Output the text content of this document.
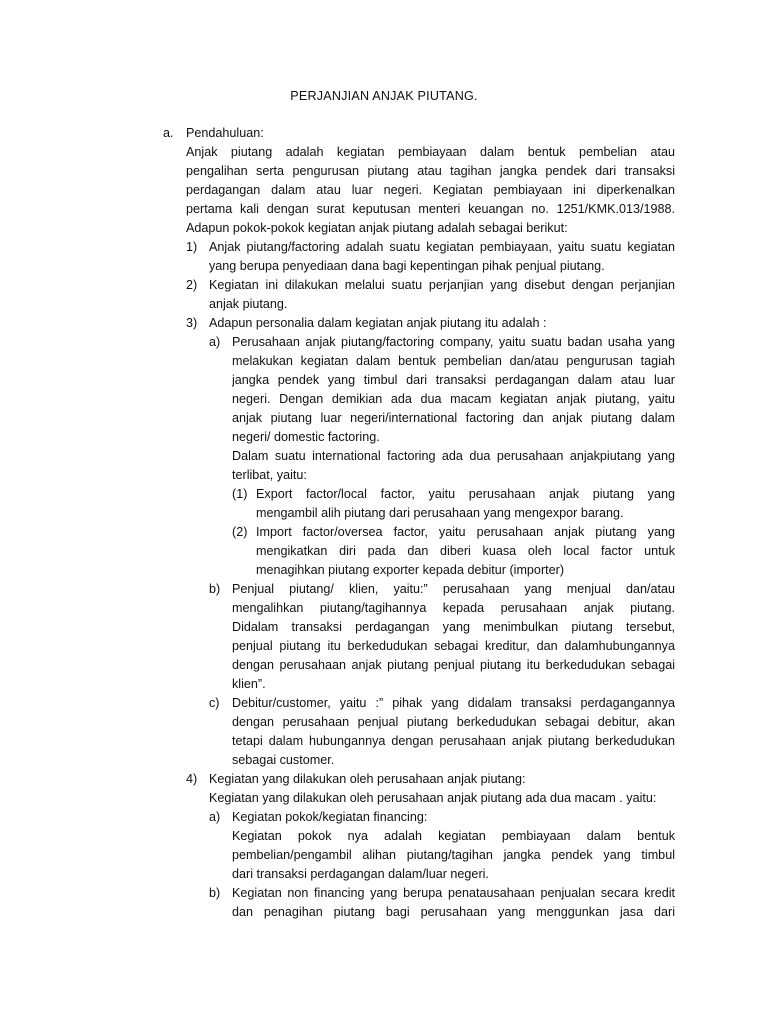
PERJANJIAN ANJAK PIUTANG.
a. Pendahuluan:
Anjak piutang adalah kegiatan pembiayaan dalam bentuk pembelian atau
pengalihan serta pengurusan piutang atau tagihan jangka pendek dari transaksi
perdagangan dalam atau luar negeri. Kegiatan pembiayaan ini diperkenalkan
pertama kali dengan surat keputusan menteri keuangan no. 1251/KMK.013/1988.
Adapun pokok-pokok kegiatan anjak piutang adalah sebagai berikut:
1) Anjak piutang/factoring adalah suatu kegiatan pembiayaan, yaitu suatu kegiatan
yang berupa penyediaan dana bagi kepentingan pihak penjual piutang.
2) Kegiatan ini dilakukan melalui suatu perjanjian yang disebut dengan perjanjian
anjak piutang.
3) Adapun personalia dalam kegiatan anjak piutang itu adalah :
a) Perusahaan anjak piutang/factoring company, yaitu suatu badan usaha yang
melakukan kegiatan dalam bentuk pembelian dan/atau pengurusan tagiah
jangka pendek yang timbul dari transaksi perdagangan dalam atau luar
negeri. Dengan demikian ada dua macam kegiatan anjak piutang, yaitu
anjak piutang luar negeri/international factoring dan anjak piutang dalam
negeri/ domestic factoring.
Dalam suatu international factoring ada dua perusahaan anjakpiutang yang
terlibat, yaitu:
(1) Export factor/local factor, yaitu perusahaan anjak piutang yang
mengambil alih piutang dari perusahaan yang mengexpor barang.
(2) Import factor/oversea factor, yaitu perusahaan anjak piutang yang
mengikatkan diri pada dan diberi kuasa oleh local factor untuk
menagihkan piutang exporter kepada debitur (importer)
b) Penjual piutang/ klien, yaitu:” perusahaan yang menjual dan/atau
mengalihkan piutang/tagihannya kepada perusahaan anjak piutang.
Didalam transaksi perdagangan yang menimbulkan piutang tersebut,
penjual piutang itu berkedudukan sebagai kreditur, dan dalamhubungannya
dengan perusahaan anjak piutang penjual piutang itu berkedudukan sebagai
klien”.
c) Debitur/customer, yaitu :” pihak yang didalam transaksi perdagangannya
dengan perusahaan penjual piutang berkedudukan sebagai debitur, akan
tetapi dalam hubungannya dengan perusahaan anjak piutang berkedudukan
sebagai customer.
4) Kegiatan yang dilakukan oleh perusahaan anjak piutang:
Kegiatan yang dilakukan oleh perusahaan anjak piutang ada dua macam . yaitu:
a) Kegiatan pokok/kegiatan financing:
Kegiatan pokok nya adalah kegiatan pembiayaan dalam bentuk
pembelian/pengambil alihan piutang/tagihan jangka pendek yang timbul
dari transaksi perdagangan dalam/luar negeri.
b) Kegiatan non financing yang berupa penatausahaan penjualan secara kredit
dan penagihan piutang bagi perusahaan yang menggunkan jasa dari
